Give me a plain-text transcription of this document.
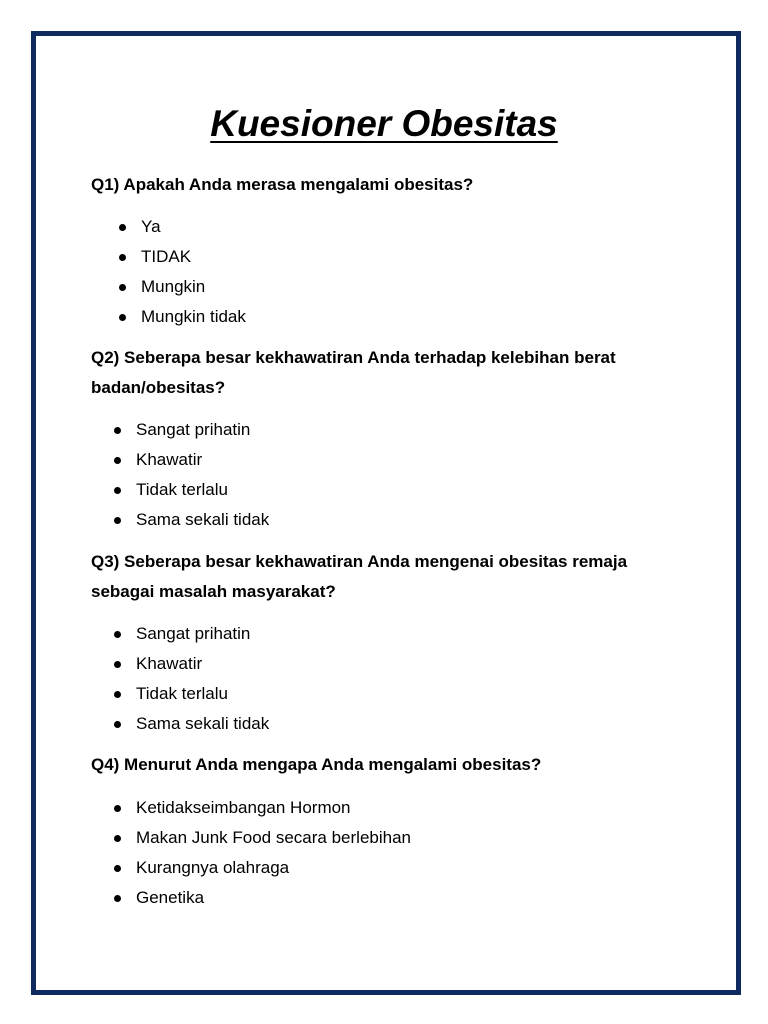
Kuesioner Obesitas

Q1) Apakah Anda merasa mengalami obesitas?

Ya
TIDAK
Mungkin
Mungkin tidak
Q2) Seberapa besar kekhawatiran Anda terhadap kelebihan berat
badan/obesitas?
Sangat prihatin
Khawatir
Tidak terlalu
Sama sekali tidak
Q3) Seberapa besar kekhawatiran Anda mengenai obesitas remaja
sebagai masalah masyarakat?
Sangat prihatin
Khawatir
Tidak terlalu
Sama sekali tidak

Q4) Menurut Anda mengapa Anda mengalami obesitas?

Ketidakseimbangan Hormon
Makan Junk Food secara berlebihan
Kurangnya olahraga
Genetika
